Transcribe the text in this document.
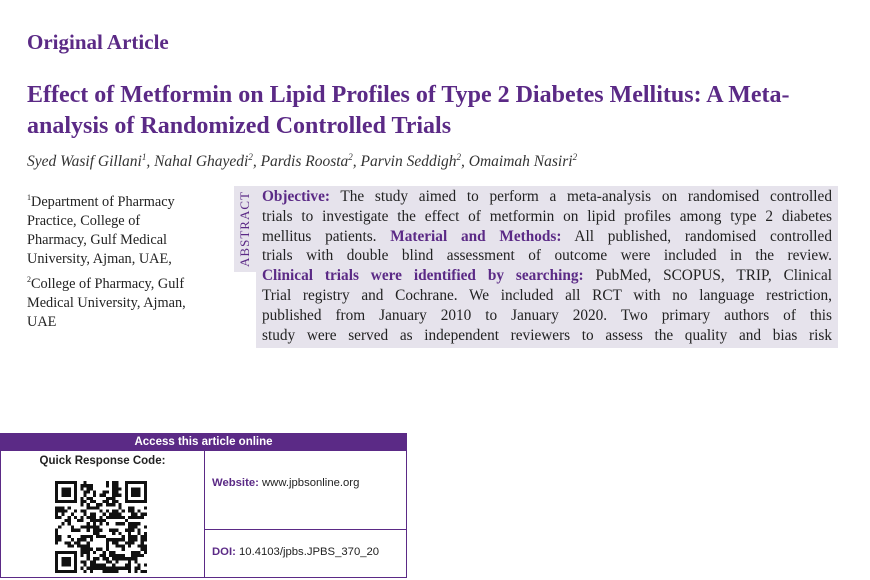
Original Article
Effect of Metformin on Lipid Profiles of Type 2 Diabetes Mellitus: A Meta-
analysis of Randomized Controlled Trials
Syed Wasif Gillani$^1$, Nahal Ghayedi$^2$, Pardis Roosta$^2$, Parvin Seddigh$^2$, Omaimah Nasiri$^2$
$^1$Department of Pharmacy
Practice, College of
Pharmacy, Gulf Medical
University, Ajman, UAE,
$^2$College of Pharmacy, Gulf
Medical University, Ajman,
UAE
ABSTRACT Objective: The study aimed to perform a meta-analysis on randomised controlled
trials to investigate the effect of metformin on lipid profiles among type 2 diabetes
mellitus patients. Material and Methods: All published, randomised controlled
trials with double blind assessment of outcome were included in the review.
Clinical trials were identified by searching: PubMed, SCOPUS, TRIP, Clinical
Trial registry and Cochrane. We included all RCT with no language restriction,
published from January 2010 to January 2020. Two primary authors of this
study were served as independent reviewers to assess the quality and bias risk
Access this article online
Quick Response Code:
Website: www.jpbsonline.org
DOI: 10.4103/jpbs.JPBS_370_20
